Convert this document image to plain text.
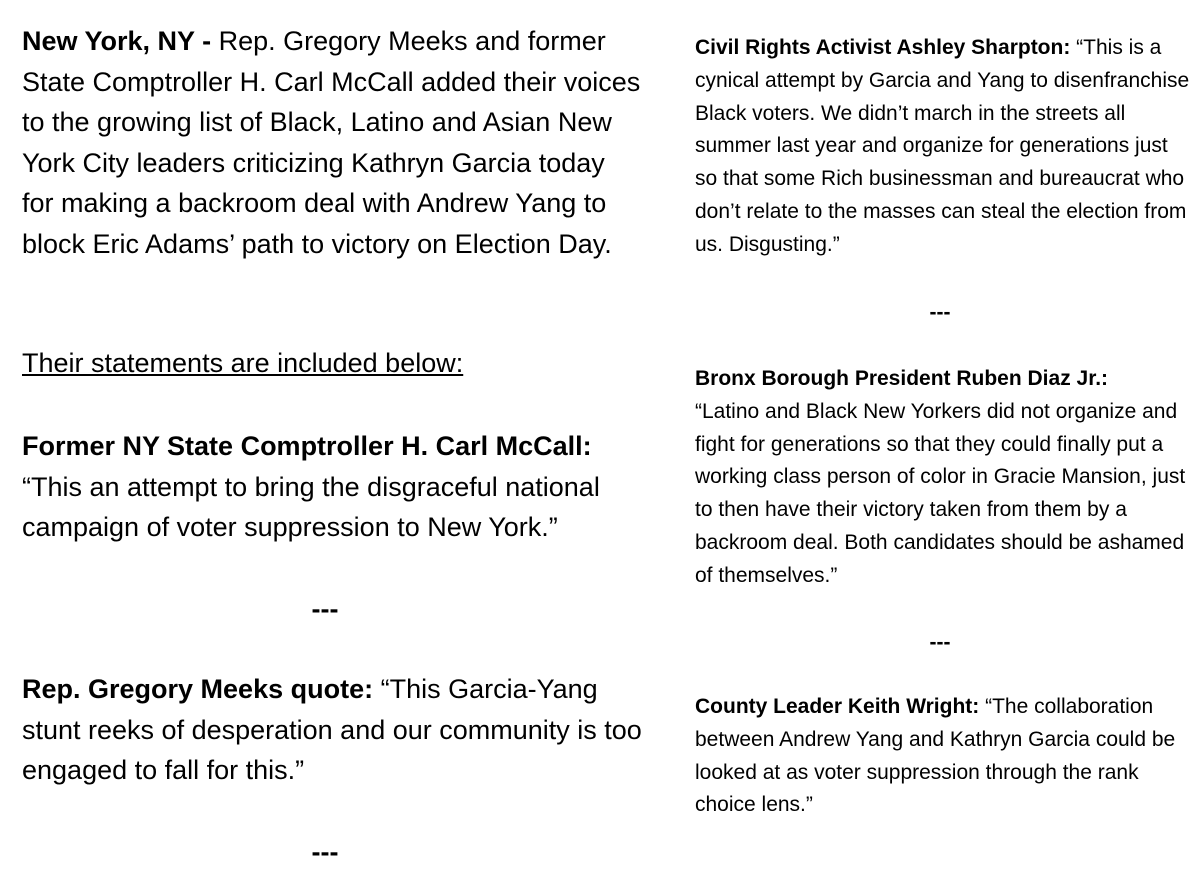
New York, NY - Rep. Gregory Meeks and former State Comptroller H. Carl McCall added their voices to the growing list of Black, Latino and Asian New York City leaders criticizing Kathryn Garcia today for making a backroom deal with Andrew Yang to block Eric Adams’ path to victory on Election Day.

Their statements are included below:

Former NY State Comptroller H. Carl McCall:
“This an attempt to bring the disgraceful national campaign of voter suppression to New York.”

---

Rep. Gregory Meeks quote: “This Garcia-Yang stunt reeks of desperation and our community is too engaged to fall for this.”

---

Civil Rights Activist Ashley Sharpton: “This is a cynical attempt by Garcia and Yang to disenfranchise Black voters. We didn’t march in the streets all summer last year and organize for generations just so that some Rich businessman and bureaucrat who don’t relate to the masses can steal the election from us. Disgusting.”

---

Bronx Borough President Ruben Diaz Jr.:
“Latino and Black New Yorkers did not organize and fight for generations so that they could finally put a working class person of color in Gracie Mansion, just to then have their victory taken from them by a backroom deal. Both candidates should be ashamed of themselves.”

---

County Leader Keith Wright: “The collaboration between Andrew Yang and Kathryn Garcia could be looked at as voter suppression through the rank choice lens.”
